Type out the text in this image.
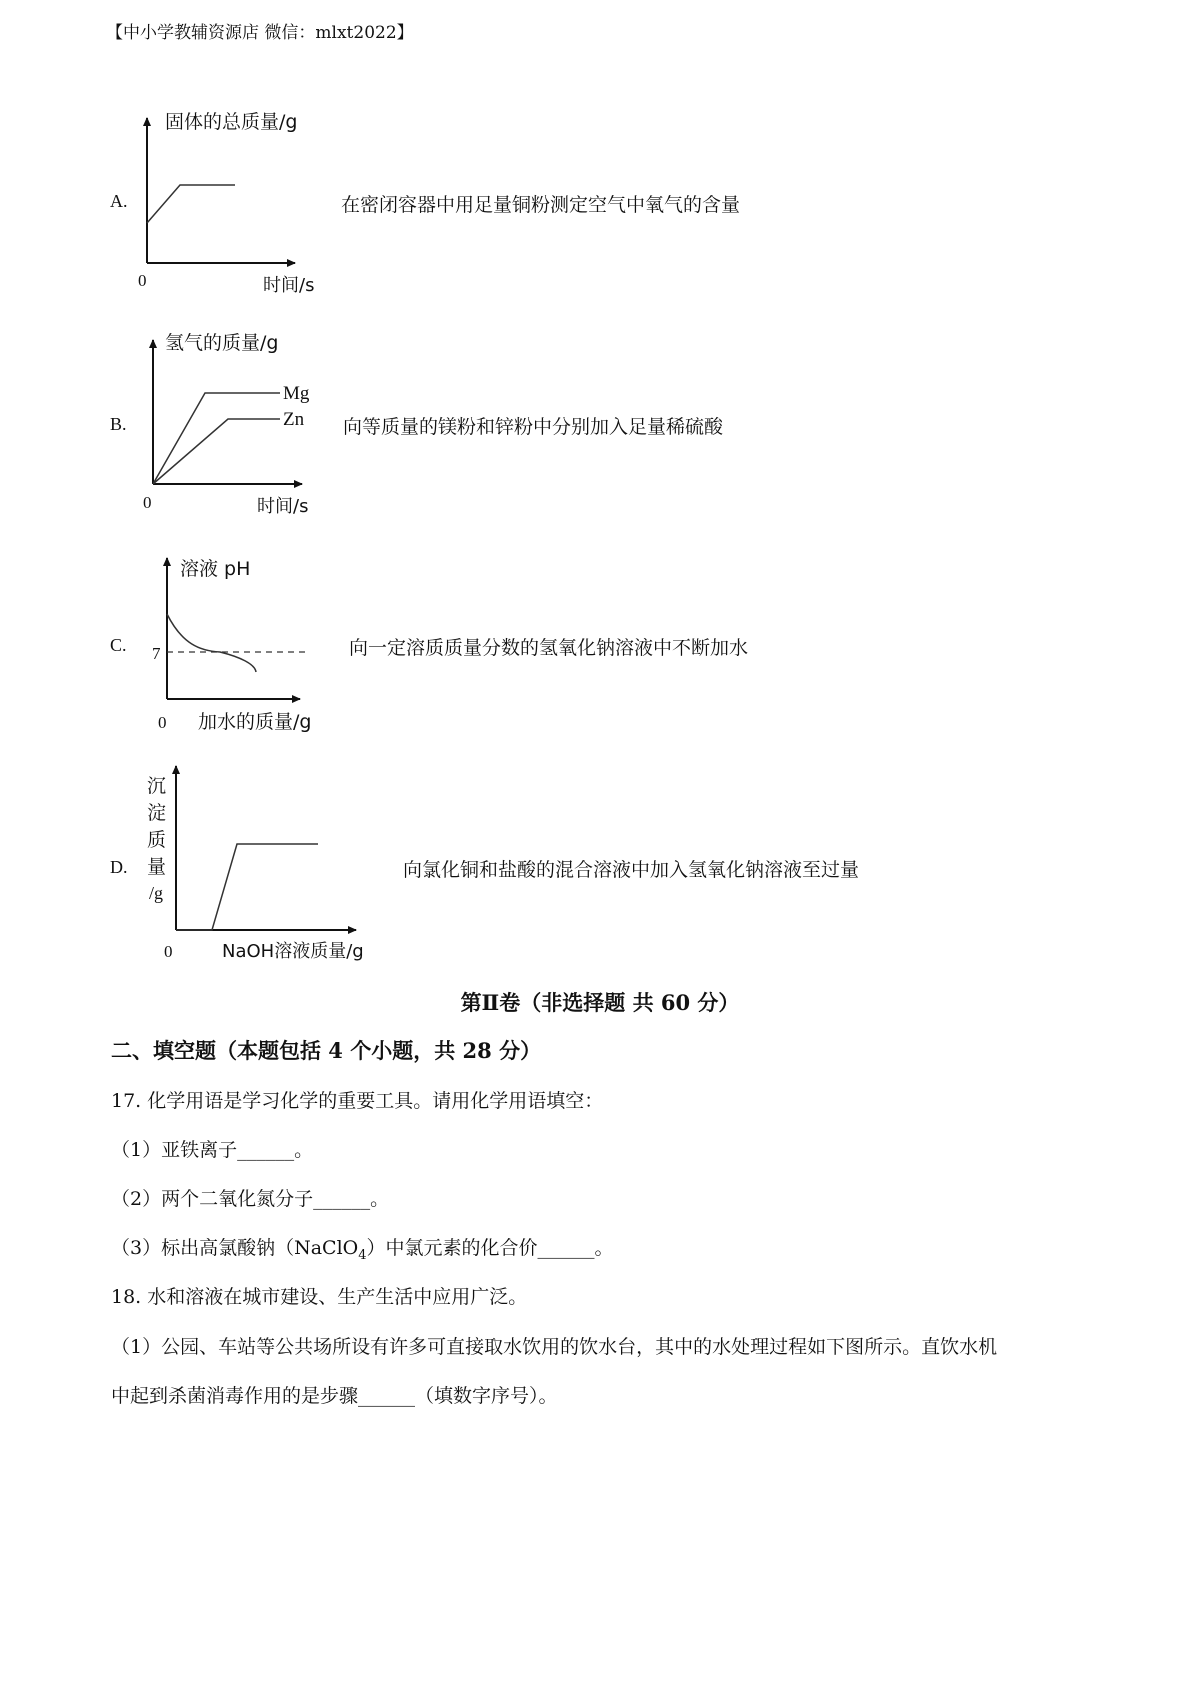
【中小学教辅资源店 微信：mlxt2022】
A.
固体的总质量/g
0	时间/s
在密闭容器中用足量铜粉测定空气中氧气的含量
B.
Mg
Zn
氢气的质量/g
0	时间/s
向等质量的镁粉和锌粉中分别加入足量稀硫酸
C.
溶液 pH
7
0 加水的质量/g
向一定溶质质量分数的氢氧化钠溶液中不断加水
D.
沉
淀
质
量
/g
0	NaOH溶液质量/g
向氯化铜和盐酸的混合溶液中加入氢氧化钠溶液至过量
第Ⅱ卷（非选择题 共 60 分）
二、填空题（本题包括 4 个小题，共 28 分）
17. 化学用语是学习化学的重要工具。请用化学用语填空：
（1）亚铁离子______。
（2）两个二氧化氮分子______。
（3）标出高氯酸钠（NaClO$_4$）中氯元素的化合价______。
18. 水和溶液在城市建设、生产生活中应用广泛。
（1）公园、车站等公共场所设有许多可直接取水饮用的饮水台，其中的水处理过程如下图所示。直饮水机
中起到杀菌消毒作用的是步骤______（填数字序号）。
